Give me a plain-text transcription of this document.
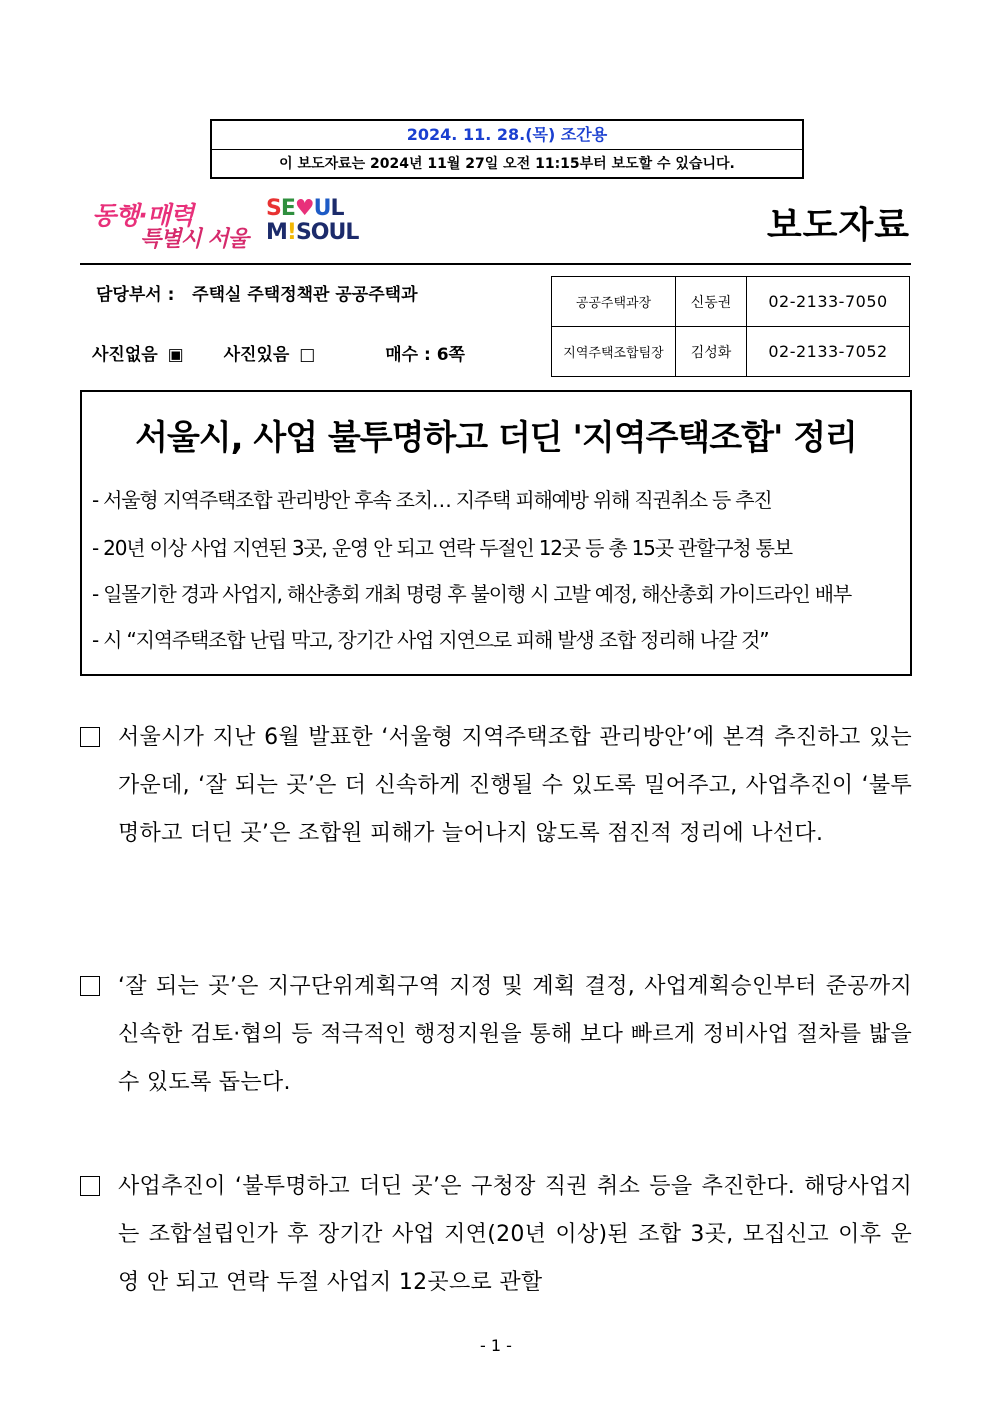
2024. 11. 28.(목) 조간용
이 보도자료는 2024년 11월 27일 오전 11:15부터 보도할 수 있습니다.
동행·매력
특별시 서울
SE♥UL
M!SOUL	보도자료
담당부서 : 주택실 주택정책관 공공주택과
사진없음 ▣ 사진있음 □	매수 : 6쪽
공공주택과장	신동권	02-2133-7050
지역주택조합팀장	김성화	02-2133-7052
서울시, 사업 불투명하고 더딘 '지역주택조합' 정리
- 서울형 지역주택조합 관리방안 후속 조치… 지주택 피해예방 위해 직권취소 등 추진
- 20년 이상 사업 지연된 3곳, 운영 안 되고 연락 두절인 12곳 등 총 15곳 관할구청 통보
- 일몰기한 경과 사업지, 해산총회 개최 명령 후 불이행 시 고발 예정, 해산총회 가이드라인 배부
- 시 “지역주택조합 난립 막고, 장기간 사업 지연으로 피해 발생 조합 정리해 나갈 것”
서울시가 지난 6월 발표한 ‘서울형 지역주택조합 관리방안’에 본격 추진하고 있는 가운데, ‘잘 되는 곳’은 더 신속하게 진행될 수 있도록 밀어주고, 사업추진이 ‘불투명하고 더딘 곳’은 조합원 피해가 늘어나지 않도록 점진적 정리에 나선다.
‘잘 되는 곳’은 지구단위계획구역 지정 및 계획 결정, 사업계획승인부터 준공까지 신속한 검토·협의 등 적극적인 행정지원을 통해 보다 빠르게 정비사업 절차를 밟을 수 있도록 돕는다.
사업추진이 ‘불투명하고 더딘 곳’은 구청장 직권 취소 등을 추진한다. 해당사업지는 조합설립인가 후 장기간 사업 지연(20년 이상)된 조합 3곳, 모집신고 이후 운영 안 되고 연락 두절 사업지 12곳으로 관할
- 1 -
